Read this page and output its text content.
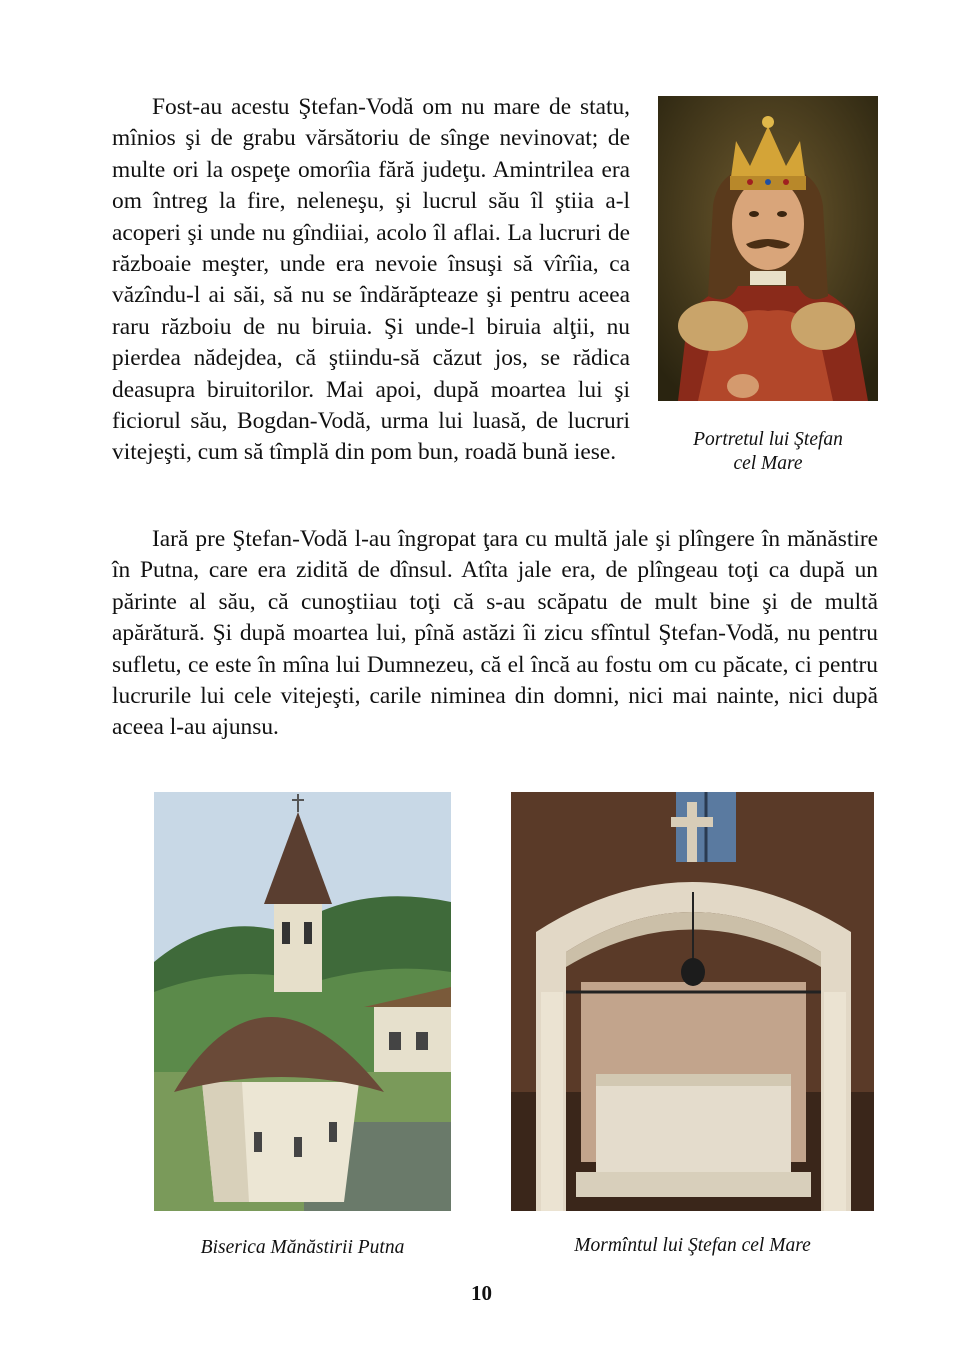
Fost-au acestu Ştefan-Vodă om nu mare de statu, mînios şi de grabu vărsătoriu de sînge nevinovat; de multe ori la ospeţe omorîia fără judeţu. Amintrilea era om întreg la fire, neleneşu, şi lucrul său îl ştiia a-l acoperi şi unde nu gîndiiai, acolo îl aflai. La lucruri de războaie meşter, unde era nevoie însuşi să vîrîia, ca văzîndu-l ai săi, să nu se îndărăpteaze şi pentru aceea raru războiu de nu biruia. Şi unde-l biruia alţii, nu pierdea nădejdea, că ştiindu-să căzut jos, se rădica deasupra biruitorilor. Mai apoi, după moartea lui şi ficiorul său, Bogdan-Vodă, urma lui luasă, de lucruri vitejeşti, cum să tîmplă din pom bun, roadă bună iese.	Portretul lui Ştefan
cel Mare

Iară pre Ştefan-Vodă l-au îngropat ţara cu multă jale şi plîngere în mănăstire în Putna, care era zidită de dînsul. Atîta jale era, de plîngeau toţi ca după un părinte al său, că cunoştiiau toţi că s-au scăpatu de mult bine şi de multă apărătură. Şi după moartea lui, pînă astăzi îi zicu sfîntul Ştefan-Vodă, nu pentru sufletu, ce este în mîna lui Dumnezeu, că el încă au fostu om cu păcate, ci pentru lucrurile lui cele vitejeşti, carile niminea din domni, nici mai nainte, nici după aceea l-au ajunsu.

Biserica Mănăstirii Putna	Mormîntul lui Ştefan cel Mare
10
